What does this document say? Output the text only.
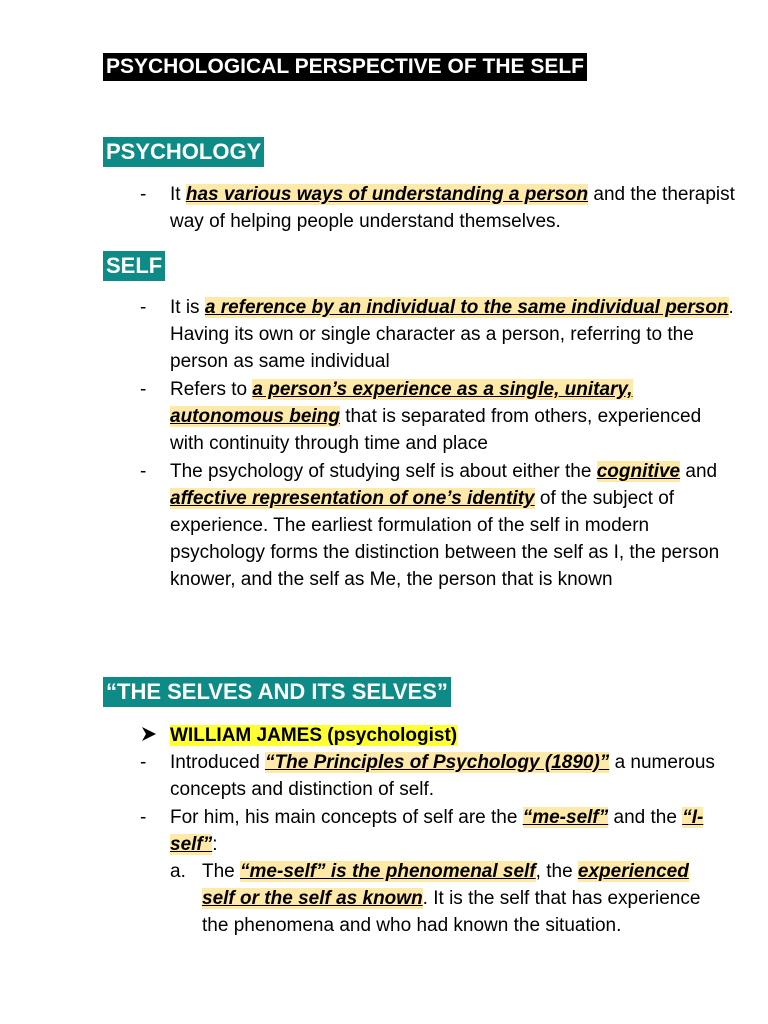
PSYCHOLOGICAL PERSPECTIVE OF THE SELF
PSYCHOLOGY
- It has various ways of understanding a person and the therapist way of helping people understand themselves.
SELF
- It is a reference by an individual to the same individual person. Having its own or single character as a person, referring to the person as same individual
- Refers to a person’s experience as a single, unitary, autonomous being that is separated from others, experienced with continuity through time and place
- The psychology of studying self is about either the cognitive and affective representation of one’s identity of the subject of experience. The earliest formulation of the self in modern psychology forms the distinction between the self as I, the person knower, and the self as Me, the person that is known
“THE SELVES AND ITS SELVES”
WILLIAM JAMES (psychologist)
- Introduced “The Principles of Psychology (1890)” a numerous concepts and distinction of self.
- For him, his main concepts of self are the “me-self” and the “I-self”:
a. The “me-self” is the phenomenal self, the experienced self or the self as known. It is the self that has experience the phenomena and who had known the situation.
